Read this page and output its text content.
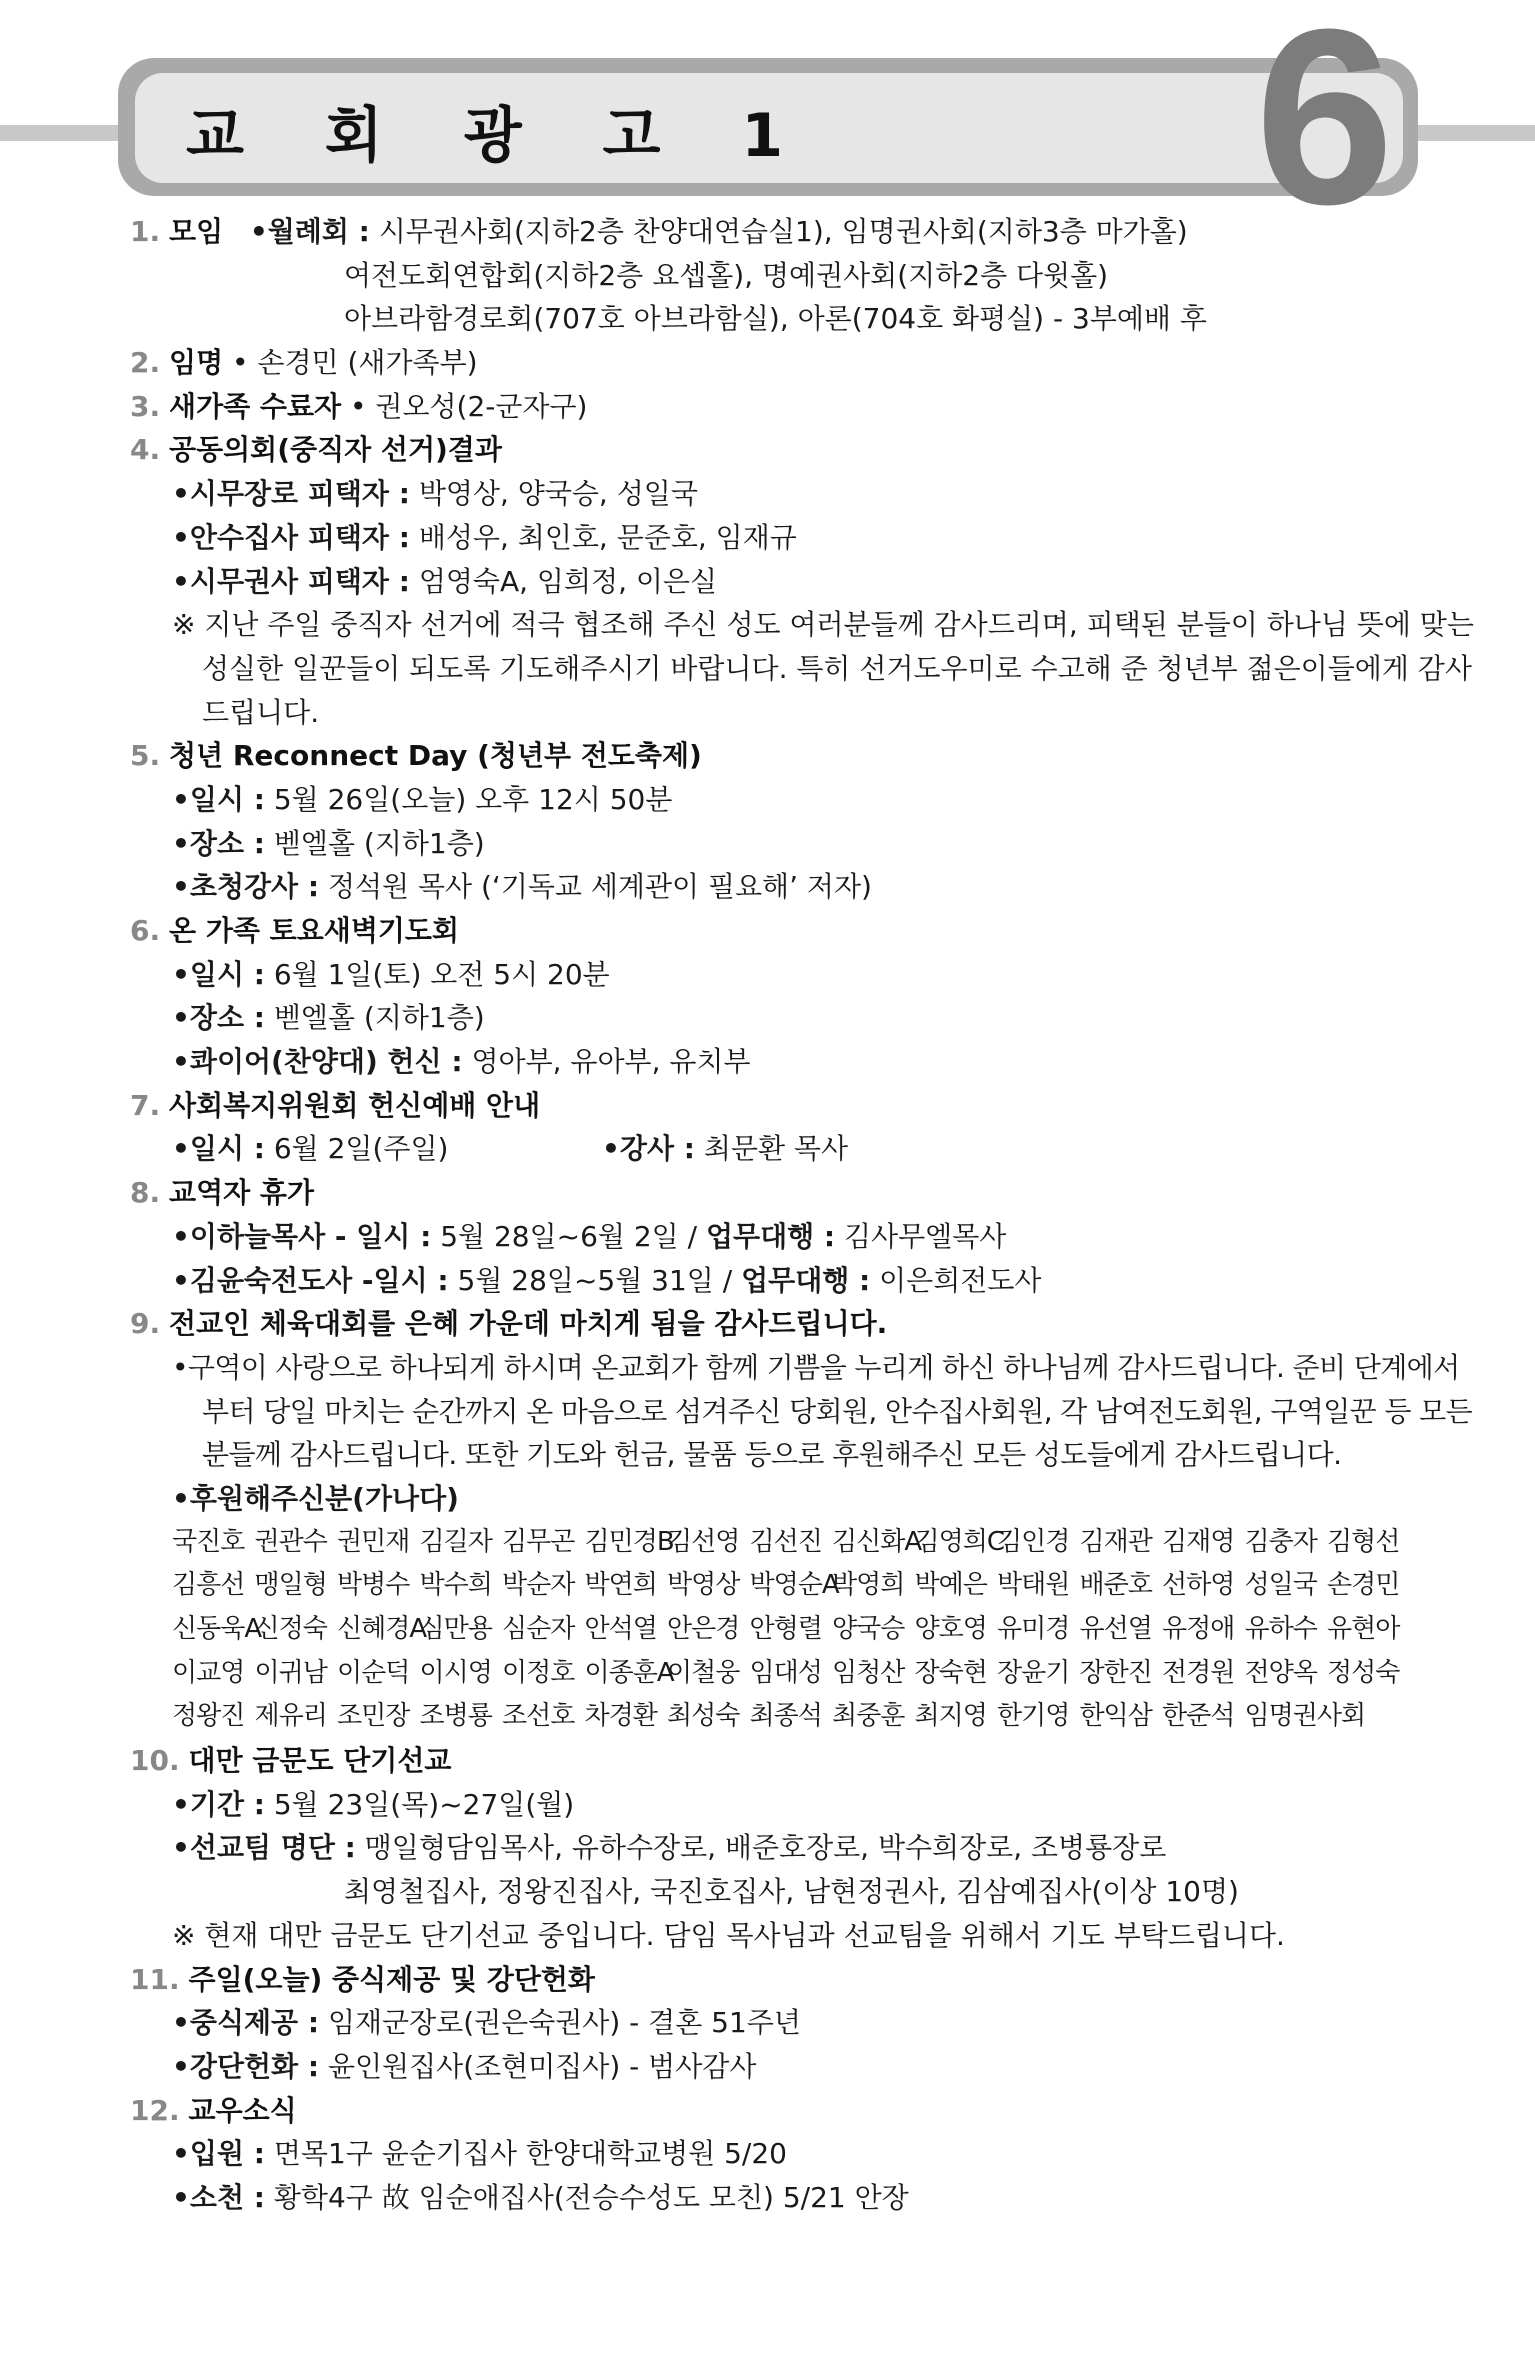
교 회 광 고 1 6
1. 모임 •월례회 : 시무권사회(지하2층 찬양대연습실1), 임명권사회(지하3층 마가홀)
여전도회연합회(지하2층 요셉홀), 명예권사회(지하2층 다윗홀)
아브라함경로회(707호 아브라함실), 아론(704호 화평실) - 3부예배 후
2. 임명 • 손경민 (새가족부)
3. 새가족 수료자 • 권오성(2-군자구)
4. 공동의회(중직자 선거)결과
•시무장로 피택자 : 박영상, 양국승, 성일국
•안수집사 피택자 : 배성우, 최인호, 문준호, 임재규
•시무권사 피택자 : 엄영숙A, 임희정, 이은실
※ 지난 주일 중직자 선거에 적극 협조해 주신 성도 여러분들께 감사드리며, 피택된 분들이 하나님 뜻에 맞는
성실한 일꾼들이 되도록 기도해주시기 바랍니다. 특히 선거도우미로 수고해 준 청년부 젊은이들에게 감사
드립니다.
5. 청년 Reconnect Day (청년부 전도축제)
•일시 : 5월 26일(오늘) 오후 12시 50분
•장소 : 벧엘홀 (지하1층)
•초청강사 : 정석원 목사 (‘기독교 세계관이 필요해’ 저자)
6. 온 가족 토요새벽기도회
•일시 : 6월 1일(토) 오전 5시 20분
•장소 : 벧엘홀 (지하1층)
•콰이어(찬양대) 헌신 : 영아부, 유아부, 유치부
7. 사회복지위원회 헌신예배 안내
•일시 : 6월 2일(주일)	•강사 : 최문환 목사
8. 교역자 휴가
•이하늘목사 - 일시 : 5월 28일~6월 2일 / 업무대행 : 김사무엘목사
•김윤숙전도사 -일시 : 5월 28일~5월 31일 / 업무대행 : 이은희전도사
9. 전교인 체육대회를 은혜 가운데 마치게 됨을 감사드립니다.
•구역이 사랑으로 하나되게 하시며 온교회가 함께 기쁨을 누리게 하신 하나님께 감사드립니다. 준비 단계에서
부터 당일 마치는 순간까지 온 마음으로 섬겨주신 당회원, 안수집사회원, 각 남여전도회원, 구역일꾼 등 모든
분들께 감사드립니다. 또한 기도와 헌금, 물품 등으로 후원해주신 모든 성도들에게 감사드립니다.
•후원해주신분(가나다)
국진호 권관수 권민재 김길자 김무곤 김민경B김선영 김선진 김신화A김영희C김인경 김재관 김재영 김충자 김형선
김흥선 맹일형 박병수 박수희 박순자 박연희 박영상 박영순A박영희 박예은 박태원 배준호 선하영 성일국 손경민
신동욱A신정숙 신혜경A심만용 심순자 안석열 안은경 안형렬 양국승 양호영 유미경 유선열 유정애 유하수 유현아
이교영 이귀남 이순덕 이시영 이정호 이종훈A이철웅 임대성 임청산 장숙현 장윤기 장한진 전경원 전양옥 정성숙
정왕진 제유리 조민장 조병룡 조선호 차경환 최성숙 최종석 최중훈 최지영 한기영 한익삼 한준석 임명권사회
10. 대만 금문도 단기선교
•기간 : 5월 23일(목)~27일(월)
•선교팀 명단 : 맹일형담임목사, 유하수장로, 배준호장로, 박수희장로, 조병룡장로
최영철집사, 정왕진집사, 국진호집사, 남현정권사, 김삼예집사(이상 10명)
※ 현재 대만 금문도 단기선교 중입니다. 담임 목사님과 선교팀을 위해서 기도 부탁드립니다.
11. 주일(오늘) 중식제공 및 강단헌화
•중식제공 : 임재군장로(권은숙권사) - 결혼 51주년
•강단헌화 : 윤인원집사(조현미집사) - 범사감사
12. 교우소식
•입원 : 면목1구 윤순기집사 한양대학교병원 5/20
•소천 : 황학4구 故 임순애집사(전승수성도 모친) 5/21 안장
